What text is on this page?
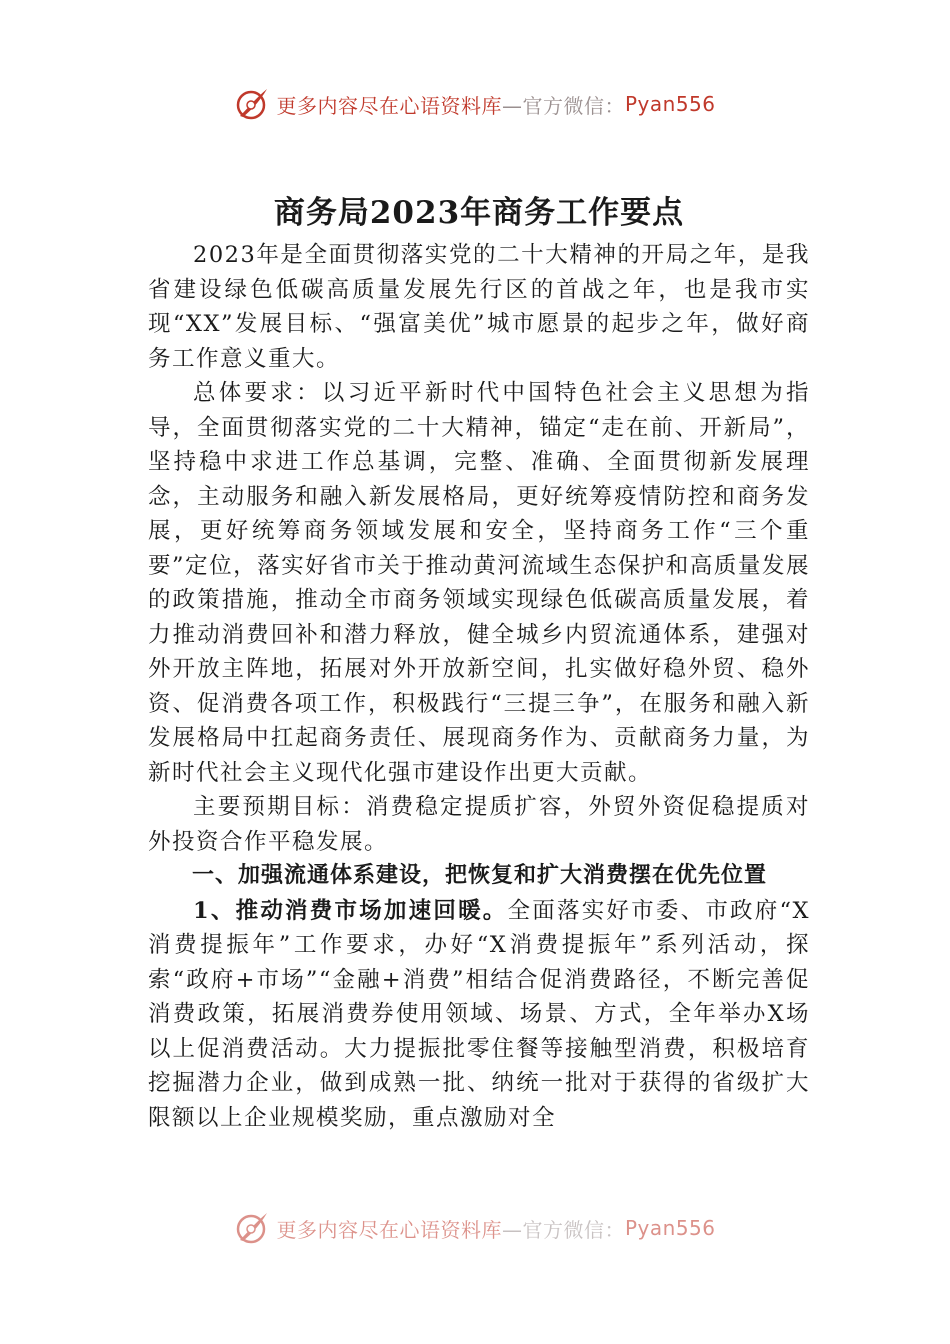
更多内容尽在心语资料库 —官方微信： Pyan556
商务局2023年商务工作要点

2023年是全面贯彻落实党的二十大精神的开局之年，是我省建设绿色低碳高质量发展先行区的首战之年，也是我市实现“XX”发展目标、“强富美优”城市愿景的起步之年，做好商务工作意义重大。

总体要求：以习近平新时代中国特色社会主义思想为指导，全面贯彻落实党的二十大精神，锚定“走在前、开新局”，坚持稳中求进工作总基调，完整、准确、全面贯彻新发展理念，主动服务和融入新发展格局，更好统筹疫情防控和商务发展，更好统筹商务领域发展和安全，坚持商务工作“三个重要”定位，落实好省市关于推动黄河流域生态保护和高质量发展的政策措施，推动全市商务领域实现绿色低碳高质量发展，着力推动消费回补和潜力释放，健全城乡内贸流通体系，建强对外开放主阵地，拓展对外开放新空间，扎实做好稳外贸、稳外资、促消费各项工作，积极践行“三提三争”，在服务和融入新发展格局中扛起商务责任、展现商务作为、贡献商务力量，为新时代社会主义现代化强市建设作出更大贡献。

主要预期目标：消费稳定提质扩容，外贸外资促稳提质对外投资合作平稳发展。

一、加强流通体系建设，把恢复和扩大消费摆在优先位置

1、推动消费市场加速回暖。全面落实好市委、市政府“X消费提振年”工作要求，办好“X消费提振年”系列活动，探索“政府+市场”“金融+消费”相结合促消费路径，不断完善促消费政策，拓展消费券使用领域、场景、方式，全年举办X场以上促消费活动。大力提振批零住餐等接触型消费，积极培育挖掘潜力企业，做到成熟一批、纳统一批对于获得的省级扩大限额以上企业规模奖励，重点激励对全

更多内容尽在心语资料库 —官方微信： Pyan556
